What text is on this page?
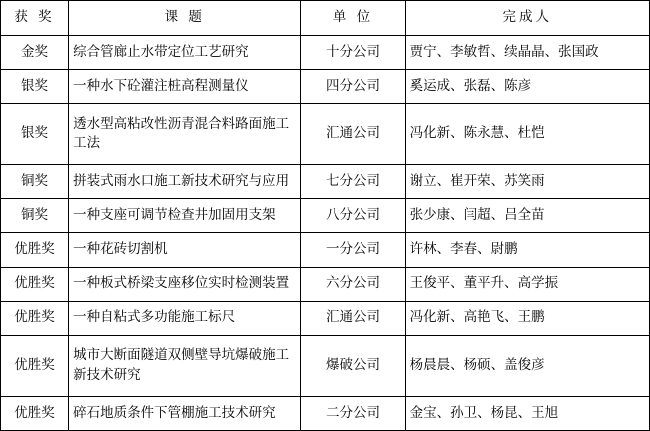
获 奖	课 题	单 位	完成人
金奖	综合管廊止水带定位工艺研究	十分公司	贾宁、李敏哲、续晶晶、张国政
银奖	一种水下砼灌注桩高程测量仪	四分公司	奚运成、张磊、陈彦
银奖	透水型高粘改性沥青混合料路面施工工法	汇通公司	冯化新、陈永慧、杜恺
铜奖	拼装式雨水口施工新技术研究与应用	七分公司	谢立、崔开荣、苏笑雨
铜奖	一种支座可调节检查井加固用支架	八分公司	张少康、闫超、吕全苗
优胜奖	一种花砖切割机	一分公司	许林、李春、尉鹏
优胜奖	一种板式桥梁支座移位实时检测装置	六分公司	王俊平、董平升、高学振
优胜奖	一种自粘式多功能施工标尺	汇通公司	冯化新、高艳飞、王鹏
优胜奖	城市大断面隧道双侧壁导坑爆破施工新技术研究	爆破公司	杨晨晨、杨硕、盖俊彦
优胜奖	碎石地质条件下管棚施工技术研究	二分公司	金宝、孙卫、杨昆、王旭
